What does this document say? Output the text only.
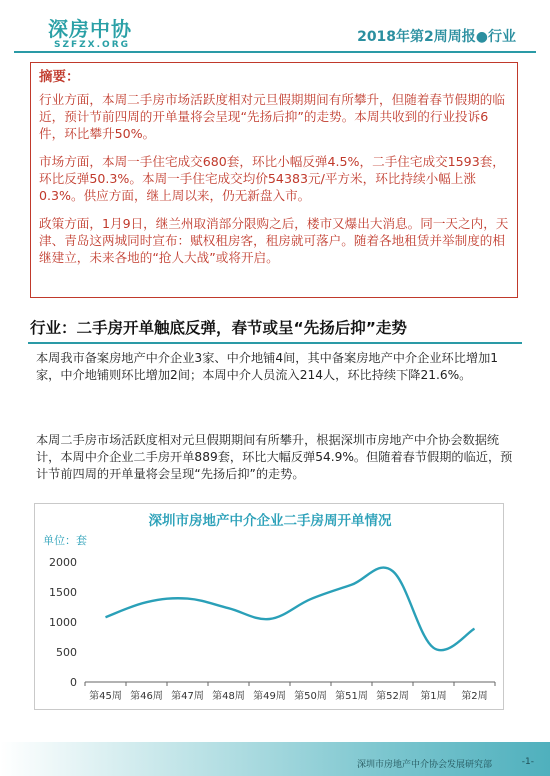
深房中协
SZFZX.ORG	2018年第2周周报●行业
摘要：

行业方面，本周二手房市场活跃度相对元旦假期期间有所攀升，但随着春节假期的临近，预计节前四周的开单量将会呈现“先扬后抑”的走势。本周共收到的行业投诉6件，环比攀升50%。

市场方面，本周一手住宅成交680套，环比小幅反弹4.5%，二手住宅成交1593套，环比反弹50.3%。本周一手住宅成交均价54383元/平方米，环比持续小幅上涨0.3%。供应方面，继上周以来，仍无新盘入市。

政策方面，1月9日，继兰州取消部分限购之后，楼市又爆出大消息。同一天之内，天津、青岛这两城同时宣布：赋权租房客，租房就可落户。随着各地租赁并举制度的相继建立，未来各地的“抢人大战”或将开启。

行业：二手房开单触底反弹，春节或呈“先扬后抑”走势

本周我市备案房地产中介企业3家、中介地铺4间，其中备案房地产中介企业环比增加1家，中介地铺则环比增加2间；本周中介人员流入214人，环比持续下降21.6%。

本周二手房市场活跃度相对元旦假期期间有所攀升，根据深圳市房地产中介协会数据统计，本周中介企业二手房开单889套，环比大幅反弹54.9%。但随着春节假期的临近，预计节前四周的开单量将会呈现“先扬后抑”的走势。

深圳市房地产中介企业二手房周开单情况
单位：套
0
500
1000
1500
2000
第45周 第46周 第47周 第48周 第49周 第50周 第51周 第52周 第1周 第2周
深圳市房地产中介协会发展研究部	-1-
